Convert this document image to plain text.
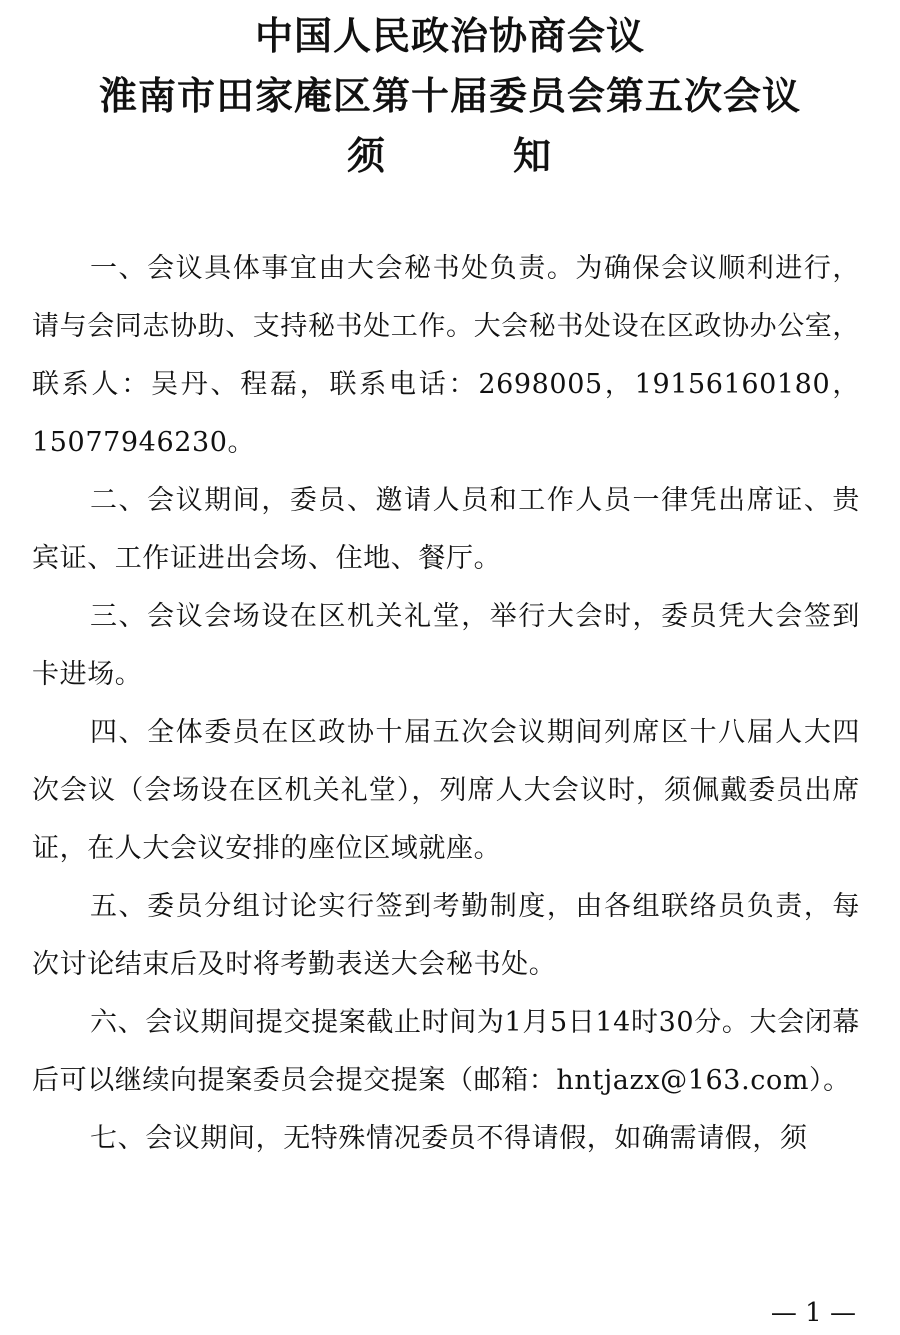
中国人民政治协商会议
淮南市田家庵区第十届委员会第五次会议
须	知

一、会议具体事宜由大会秘书处负责。为确保会议顺利进行，请与会同志协助、支持秘书处工作。大会秘书处设在区政协办公室，联系人：吴丹、程磊，联系电话：2698005，19156160180，15077946230。

二、会议期间，委员、邀请人员和工作人员一律凭出席证、贵宾证、工作证进出会场、住地、餐厅。

三、会议会场设在区机关礼堂，举行大会时，委员凭大会签到卡进场。

四、全体委员在区政协十届五次会议期间列席区十八届人大四次会议（会场设在区机关礼堂），列席人大会议时，须佩戴委员出席证，在人大会议安排的座位区域就座。

五、委员分组讨论实行签到考勤制度，由各组联络员负责，每次讨论结束后及时将考勤表送大会秘书处。

六、会议期间提交提案截止时间为1月5日14时30分。大会闭幕后可以继续向提案委员会提交提案（邮箱：hntjazx@163.com）。

七、会议期间，无特殊情况委员不得请假，如确需请假，须

— 1 —
